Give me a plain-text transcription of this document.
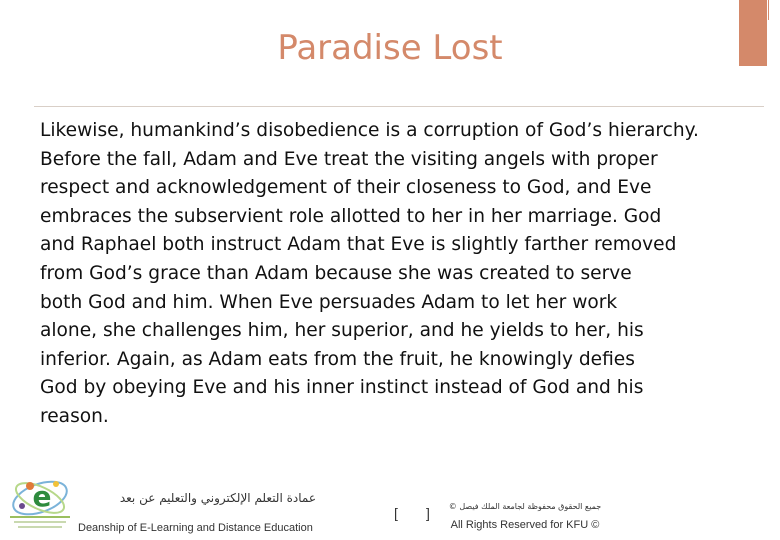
Paradise Lost
Likewise, humankind’s disobedience is a corruption of God’s hierarchy.
Before the fall, Adam and Eve treat the visiting angels with proper
respect and acknowledgement of their closeness to God, and Eve
embraces the subservient role allotted to her in her marriage. God
and Raphael both instruct Adam that Eve is slightly farther removed
from God’s grace than Adam because she was created to serve
both God and him. When Eve persuades Adam to let her work
alone, she challenges him, her superior, and he yields to her, his
inferior. Again, as Adam eats from the fruit, he knowingly defies
God by obeying Eve and his inner instinct instead of God and his
reason.
e	عمادة التعلم الإلكتروني والتعليم عن بعد
Deanship of E-Learning and Distance Education
[ ]	جميع الحقوق محفوظة لجامعة الملك فيصل ©
All Rights Reserved for KFU ©
